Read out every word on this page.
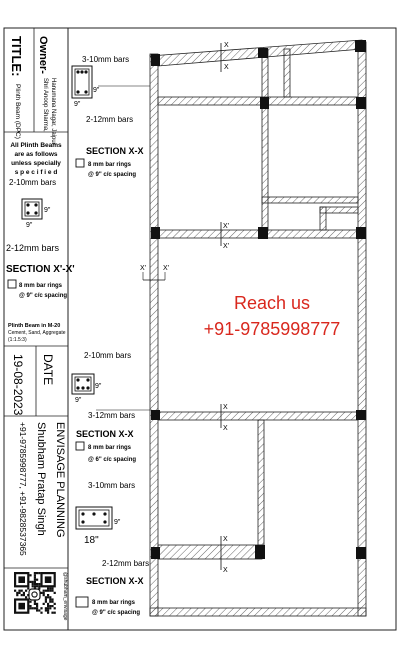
TITLE:
Plinth Beam (DPC)
Owner-
Shri Anoop Sharma, Hanumana Nagar, Jaipur
DATE
19-08-2023
ENVISAGE PLANNING
Shubham Pratap Singh
+91-9785998777, +91-9828537365
@shubham_envisage
All Plinth Beams
are as follows
unless specially
s p e c i f i e d
Plinth Beam in M-20
Cement, Sand, Aggregate
(1:1.5:3)
2-10mm bars
9"
9"
2-12mm bars
SECTION X'-X'
8 mm bar rings
@ 9" c/c spacing
X
X
X'
X'
X' X'
X
X
X
X
3-10mm bars
9"
9"
2-12mm bars
SECTION X-X
8 mm bar rings
@ 9" c/c spacing
2-10mm bars
9"
9"
3-12mm bars
SECTION X-X
8 mm bar rings
@ 6" c/c spacing
3-10mm bars
9"
18"
2-12mm bars
SECTION X-X
8 mm bar rings
@ 9" c/c spacing
Reach us
+91-9785998777
